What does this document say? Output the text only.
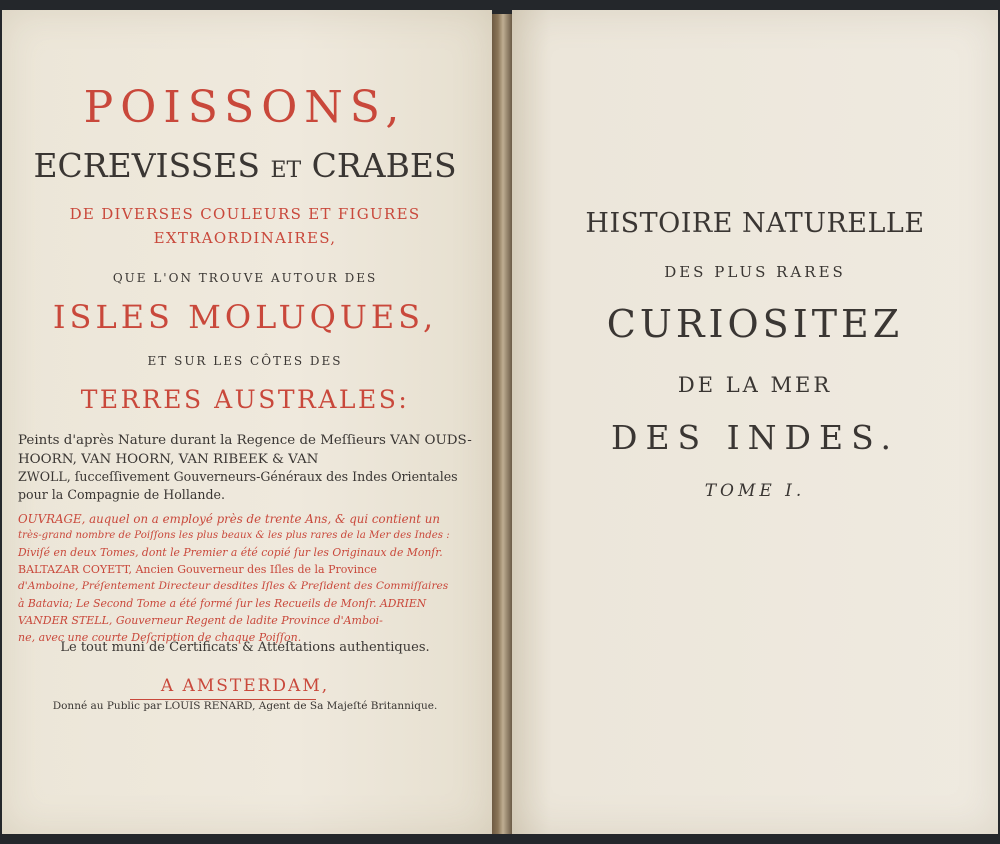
POISSONS,
ECREVISSES ET CRABES
DE DIVERSES COULEURS ET FIGURES
EXTRAORDINAIRES,
QUE L'ON TROUVE AUTOUR DES
ISLES MOLUQUES,
ET SUR LES CÔTES DES
TERRES AUSTRALES:
Peints d'après Nature durant la Regence de Meſſieurs VAN OUDS-
HOORN, VAN HOORN, VAN RIBEEK & VAN
ZWOLL, ſucceſſivement Gouverneurs-Généraux des Indes Orientales
pour la Compagnie de Hollande.
OUVRAGE, auquel on a employé près de trente Ans, & qui contient un
très-grand nombre de Poiſſons les plus beaux & les plus rares de la Mer des Indes :
Diviſé en deux Tomes, dont le Premier a été copié ſur les Originaux de Monſr.
BALTAZAR COYETT, Ancien Gouverneur des Iſles de la Province
d'Amboine, Préſentement Directeur desdites Iſles & Preſident des Commiſſaires
à Batavia; Le Second Tome a été formé ſur les Recueils de Monſr. ADRIEN
VANDER STELL, Gouverneur Regent de ladite Province d'Amboi-
ne, avec une courte Deſcription de chaque Poiſſon.
Le tout muni de Certificats & Atteſtations authentiques.
A AMSTERDAM,
Donné au Public par LOUIS RENARD, Agent de Sa Majeſté Britannique.
HISTOIRE NATURELLE
DES PLUS RARES
CURIOSITEZ
DE LA MER
DES INDES.
TOME I.
